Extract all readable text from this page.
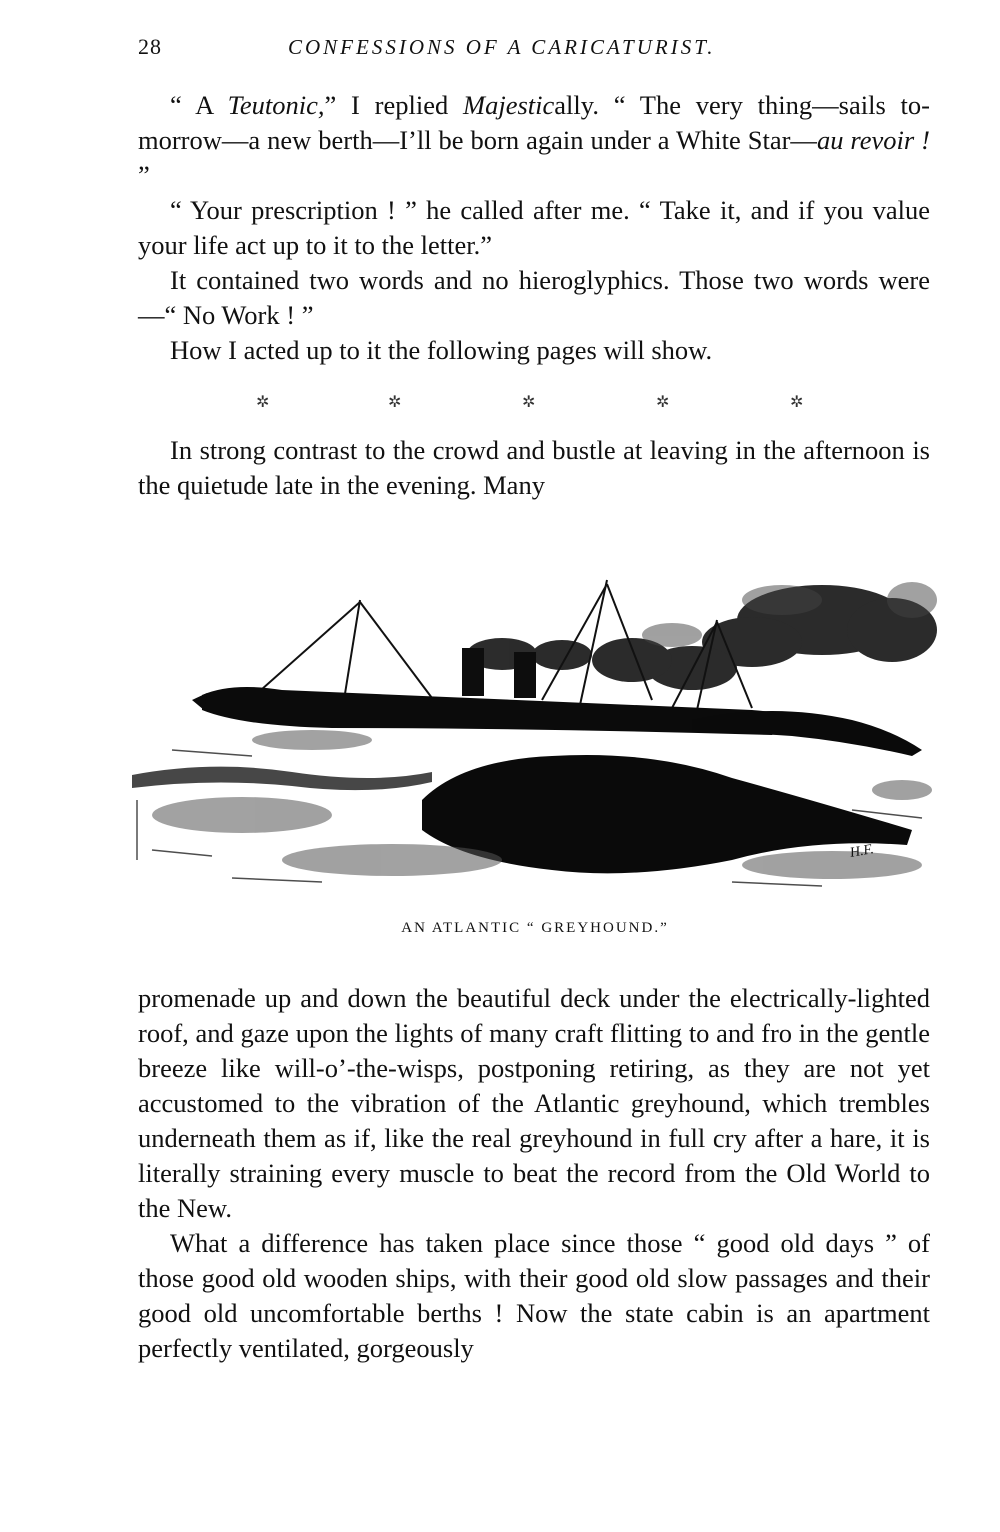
28	CONFESSIONS OF A CARICATURIST.

“ A Teutonic,” I replied Majestically. “ The very thing—sails to-morrow—a new berth—I’ll be born again under a White Star—au revoir ! ”

“ Your prescription ! ” he called after me. “ Take it, and if you value your life act up to it to the letter.”

It contained two words and no hieroglyphics. Those two words were—“ No Work ! ”

How I acted up to it the following pages will show.

✲	✲	✲	✲	✲

In strong contrast to the crowd and bustle at leaving in the afternoon is the quietude late in the evening. Many

H.F.
AN ATLANTIC “ GREYHOUND.”

promenade up and down the beautiful deck under the electrically-lighted roof, and gaze upon the lights of many craft flitting to and fro in the gentle breeze like will-o’-the-wisps, postponing retiring, as they are not yet accustomed to the vibration of the Atlantic greyhound, which trembles underneath them as if, like the real greyhound in full cry after a hare, it is literally straining every muscle to beat the record from the Old World to the New.

What a difference has taken place since those “ good old days ” of those good old wooden ships, with their good old slow passages and their good old uncomfortable berths ! Now the state cabin is an apartment perfectly ventilated, gorgeously
